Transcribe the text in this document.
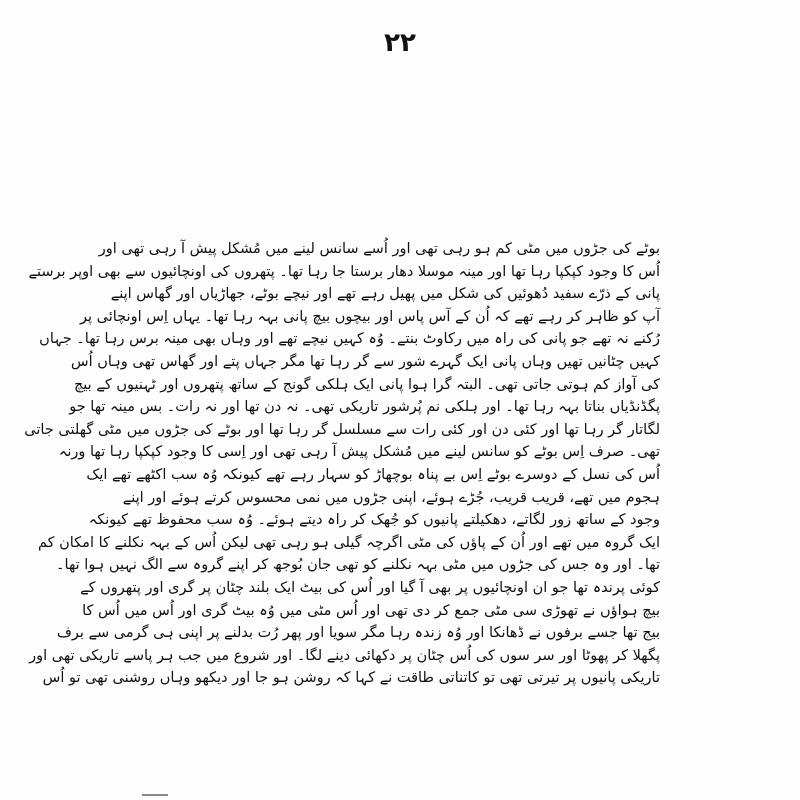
۲۲
بوٹے کی جڑوں میں مٹی کم ہو رہی تھی اور اُسے سانس لینے میں مُشکل پیش آ رہی تھی اور
اُس کا وجود کپکپا رہا تھا اور مینہ موسلا دھار برستا جا رہا تھا۔ پتھروں کی اونچائیوں سے بھی اوپر برستے
پانی کے ذرّے سفید دُھوئیں کی شکل میں پھیل رہے تھے اور نیچے بوٹے، جھاڑیاں اور گھاس اپنے
آپ کو ظاہر کر رہے تھے کہ اُن کے آس پاس اور بیچوں بیچ پانی بہہ رہا تھا۔ یہاں اِس اونچائی پر
رُکنے نہ تھے جو پانی کی راہ میں رکاوٹ بنتے۔ وُہ کہیں نیچے تھے اور وہاں بھی مینہ برس رہا تھا۔ جہاں
کہیں چٹانیں تھیں وہاں پانی ایک گہرے شور سے گر رہا تھا مگر جہاں پتے اور گھاس تھی وہاں اُس
کی آواز کم ہوتی جاتی تھی۔ البتہ گرا ہوا پانی ایک ہلکی گونج کے ساتھ پتھروں اور ٹہنیوں کے بیچ
پگڈنڈیاں بناتا بہہ رہا تھا۔ اور ہلکی نم پُرشور تاریکی تھی۔ نہ دن تھا اور نہ رات۔ بس مینہ تھا جو
لگاتار گر رہا تھا اور کئی دن اور کئی رات سے مسلسل گر رہا تھا اور بوٹے کی جڑوں میں مٹی گھلتی جاتی
تھی۔ صرف اِس بوٹے کو سانس لینے میں مُشکل پیش آ رہی تھی اور اِسی کا وجود کپکپا رہا تھا ورنہ
اُس کی نسل کے دوسرے بوٹے اِس بے پناہ بوچھاڑ کو سہار رہے تھے کیونکہ وُہ سب اکٹھے تھے ایک
ہجوم میں تھے، قریب قریب، جُڑے ہوئے، اپنی جڑوں میں نمی محسوس کرتے ہوئے اور اپنے
وجود کے ساتھ زور لگاتے، دھکیلتے پانیوں کو جُھک کر راہ دیتے ہوئے۔ وُہ سب محفوظ تھے کیونکہ
ایک گروہ میں تھے اور اُن کے پاؤں کی مٹی اگرچہ گیلی ہو رہی تھی لیکن اُس کے بہہ نکلنے کا امکان کم
تھا۔ اور وہ جس کی جڑوں میں مٹی بہہ نکلنے کو تھی جان بُوجھ کر اپنے گروہ سے الگ نہیں ہوا تھا۔
کوئی پرندہ تھا جو ان اونچائیوں پر بھی آ گیا اور اُس کی بیٹ ایک بلند چٹان پر گری اور پتھروں کے
بیچ ہواؤں نے تھوڑی سی مٹی جمع کر دی تھی اور اُس مٹی میں وُہ بیٹ گری اور اُس میں اُس کا
بیج تھا جسے برفوں نے ڈھانکا اور وُہ زندہ رہا مگر سویا اور پھر رُت بدلنے پر اپنی ہی گرمی سے برف
پگھلا کر پھوٹا اور سر سوں کی اُس چٹان پر دکھائی دینے لگا۔ اور شروع میں جب ہر پاسے تاریکی تھی اور
تاریکی پانیوں پر تیرتی تھی تو کاتناتی طاقت نے کہا کہ روشن ہو جا اور دیکھو وہاں روشنی تھی تو اُس
